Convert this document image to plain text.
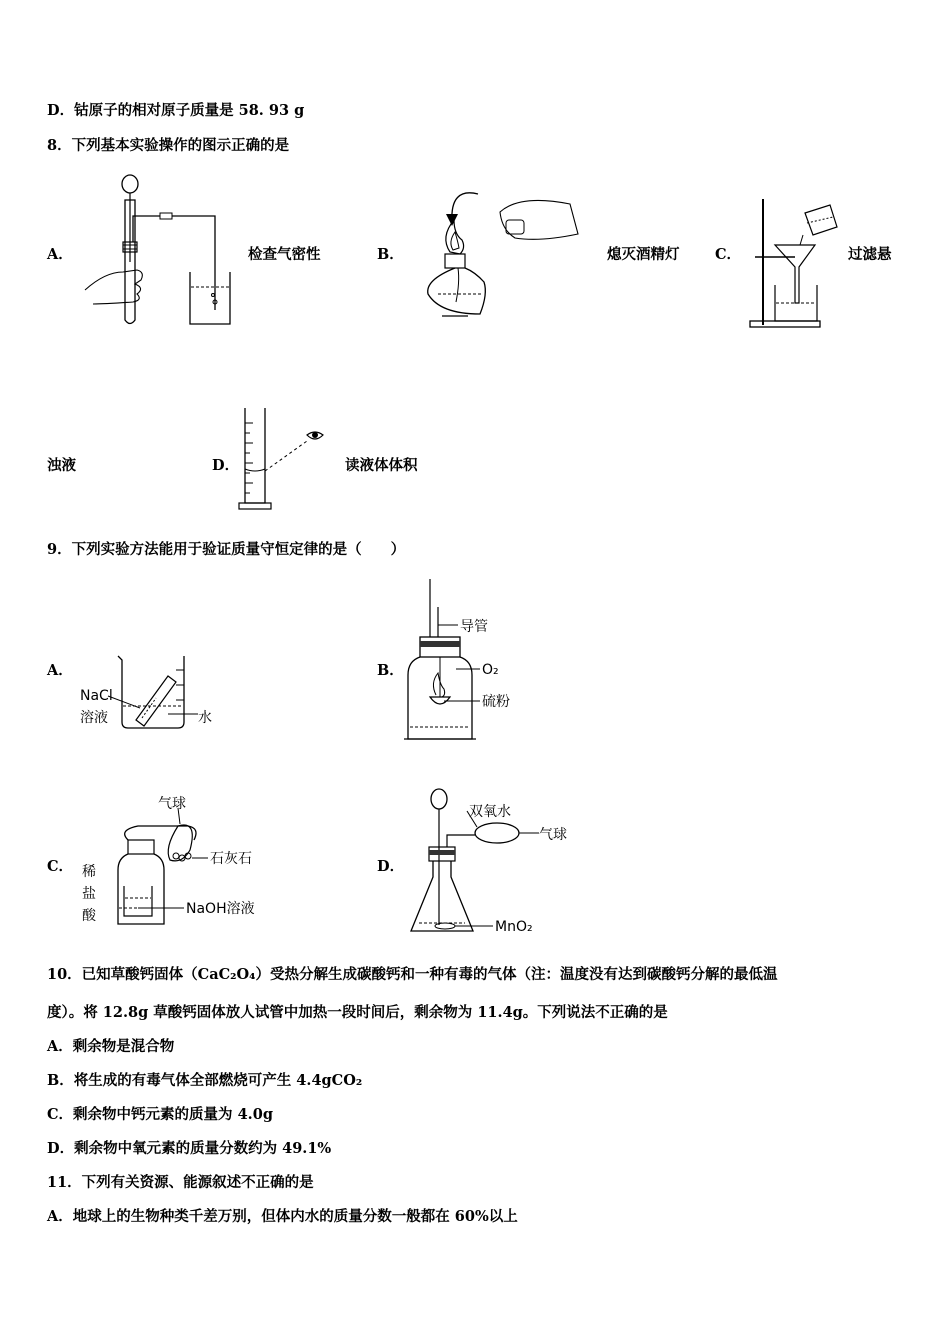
D．钴原子的相对原子质量是 58. 93 g
8．下列基本实验操作的图示正确的是
A．	检查气密性	B．	熄灭酒精灯 C．	过滤悬
浊液	D．	读液体体积
9．下列实验方法能用于验证质量守恒定律的是（　　）
A．
NaCl
溶液	水
B．
导管
O₂
硫粉
C．
气球
石灰石
稀
盐
酸	NaOH溶液
D．
双氧水
气球
MnO₂
10．已知草酸钙固体（CaC₂O₄）受热分解生成碳酸钙和一种有毒的气体（注：温度没有达到碳酸钙分解的最低温
度）。将 12.8g 草酸钙固体放人试管中加热一段时间后，剩余物为 11.4g。下列说法不正确的是
A．剩余物是混合物
B．将生成的有毒气体全部燃烧可产生 4.4gCO₂
C．剩余物中钙元素的质量为 4.0g
D．剩余物中氧元素的质量分数约为 49.1%
11．下列有关资源、能源叙述不正确的是
A．地球上的生物种类千差万别，但体内水的质量分数一般都在 60%以上
